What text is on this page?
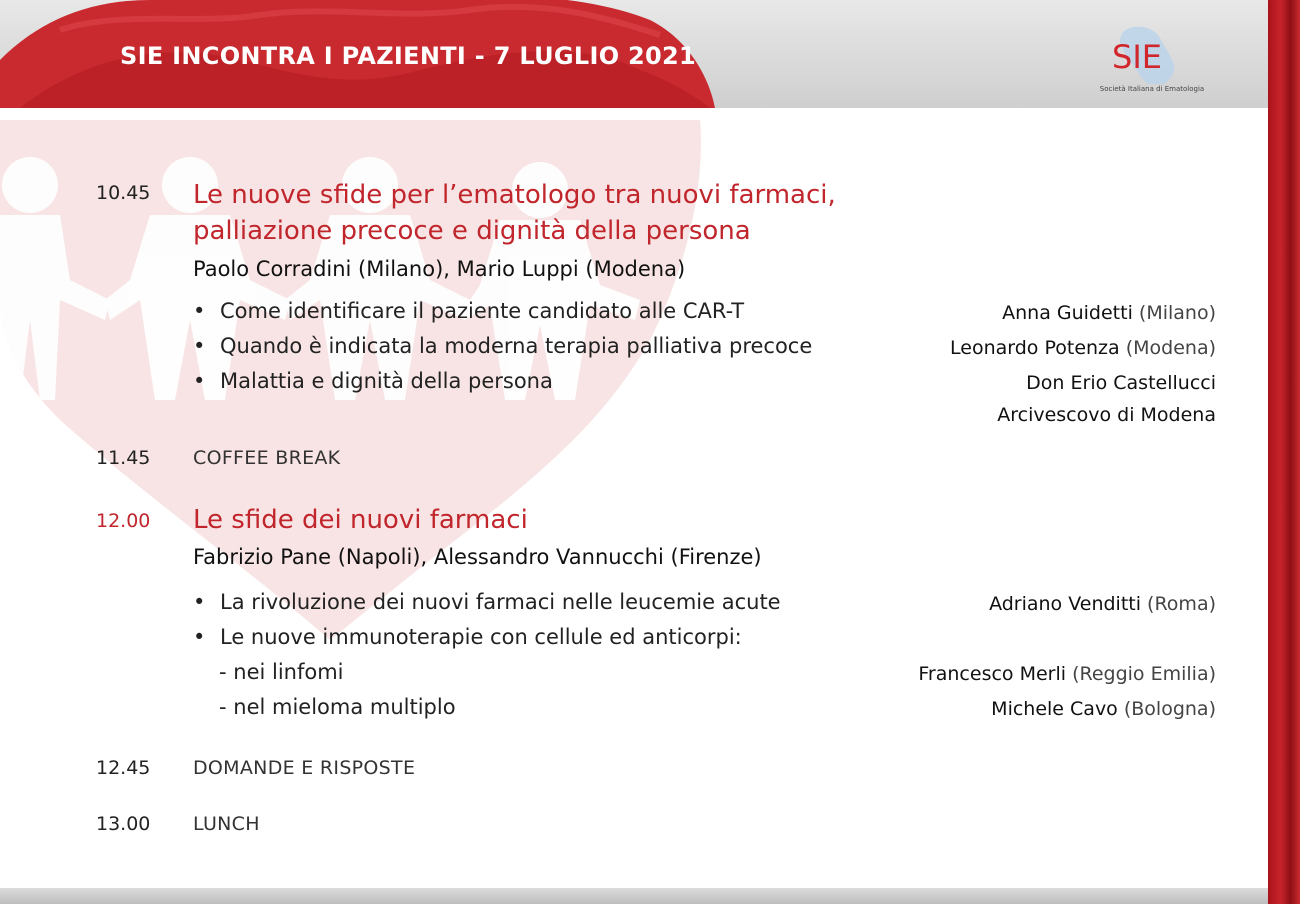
SIE INCONTRA I PAZIENTI - 7 LUGLIO 2021	SIE
Società Italiana di Ematologia
10.45 Le nuove sfide per l’ematologo tra nuovi farmaci,
palliazione precoce e dignità della persona
Paolo Corradini (Milano), Mario Luppi (Modena)
• Come identificare il paziente candidato alle CAR-T	Anna Guidetti (Milano)
• Quando è indicata la moderna terapia palliativa precoce	Leonardo Potenza (Modena)
• Malattia e dignità della persona	Don Erio Castellucci
Arcivescovo di Modena
11.45 COFFEE BREAK
12.00 Le sfide dei nuovi farmaci
Fabrizio Pane (Napoli), Alessandro Vannucchi (Firenze)
• La rivoluzione dei nuovi farmaci nelle leucemie acute	Adriano Venditti (Roma)
• Le nuove immunoterapie con cellule ed anticorpi:
- nei linfomi	Francesco Merli (Reggio Emilia)
- nel mieloma multiplo	Michele Cavo (Bologna)
12.45 DOMANDE E RISPOSTE
13.00 LUNCH
